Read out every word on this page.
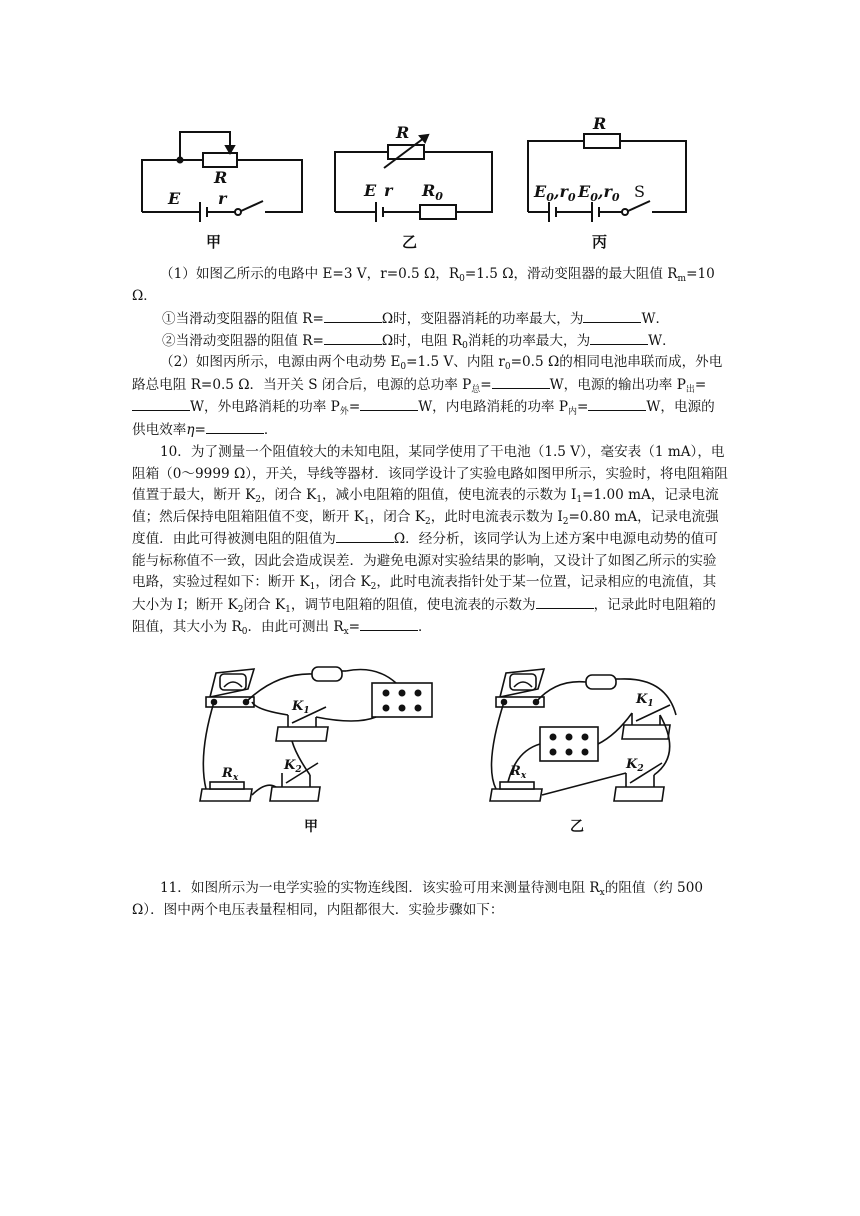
R
E r
R
E r $R_0$
R
$E_0,r_0$ $E_0,r_0$ S
甲	乙	丙

（1）如图乙所示的电路中 E=3 V，r=0.5 Ω，$R_0=1.5$ Ω，滑动变阻器的最大阻值 $R_m=10$ Ω．

①当滑动变阻器的阻值 R=	Ω时，变阻器消耗的功率最大，为	W．

②当滑动变阻器的阻值 R=	Ω时，电阻 $R_0$消耗的功率最大，为	W．

（2）如图丙所示，电源由两个电动势 $E_0=1.5$ V、内阻 $r_0=0.5$ Ω的相同电池串联而成，外电路总电阻 R=0.5 Ω．当开关 S 闭合后，电源的总功率 $P_总=$	W，电源的输出功率 $P_出=W$，外电路消耗的功率 $P_外=$	W，内电路消耗的功率 $P_内=$	W，电源的供电效率η=	．

10．为了测量一个阻值较大的未知电阻，某同学使用了干电池（1.5 V），毫安表（1 mA），电阻箱（0～9999 Ω），开关，导线等器材．该同学设计了实验电路如图甲所示，实验时，将电阻箱阻值置于最大，断开 $K_2$，闭合 $K_1$，减小电阻箱的阻值，使电流表的示数为 $I_1=1.00$ mA，记录电流值；然后保持电阻箱阻值不变，断开 $K_1$，闭合 $K_2$，此时电流表示数为 $I_2=0.80$ mA，记录电流强度值．由此可得被测电阻的阻值为	Ω．经分析，该同学认为上述方案中电源电动势的值可能与标称值不一致，因此会造成误差．为避免电源对实验结果的影响，又设计了如图乙所示的实验电路，实验过程如下：断开 $K_1$，闭合 $K_2$，此时电流表指针处于某一位置，记录相应的电流值，其大小为 I；断开 $K_2$闭合 $K_1$，调节电阻箱的阻值，使电流表的示数为	，记录此时电阻箱的阻值，其大小为 $R_0$．由此可测出 $R_x=$	．

$K_1$
$K_2$
$R_x$
甲
$K_1$
$K_2$
$R_x$
乙

11．如图所示为一电学实验的实物连线图．该实验可用来测量待测电阻 $R_x$的阻值（约 500 Ω）．图中两个电压表量程相同，内阻都很大．实验步骤如下：
